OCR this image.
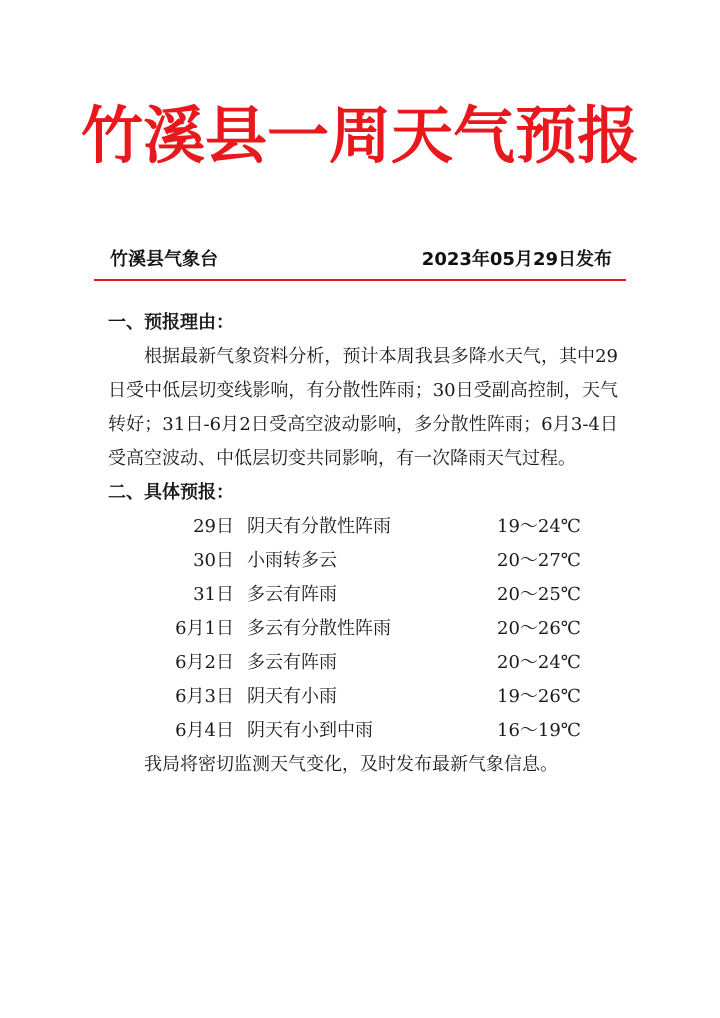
竹溪县一周天气预报
竹溪县气象台	2023年05月29日发布
一、预报理由：

根据最新气象资料分析，预计本周我县多降水天气，其中29日受中低层切变线影响，有分散性阵雨；30日受副高控制，天气转好；31日-6月2日受高空波动影响，多分散性阵雨；6月3-4日受高空波动、中低层切变共同影响，有一次降雨天气过程。

二、具体预报：
29日 阴天有分散性阵雨	19～24℃
30日 小雨转多云	20～27℃
31日 多云有阵雨	20～25℃
6月1日 多云有分散性阵雨	20～26℃
6月2日 多云有阵雨	20～24℃
6月3日 阴天有小雨	19～26℃
6月4日 阴天有小到中雨	16～19℃

我局将密切监测天气变化，及时发布最新气象信息。
